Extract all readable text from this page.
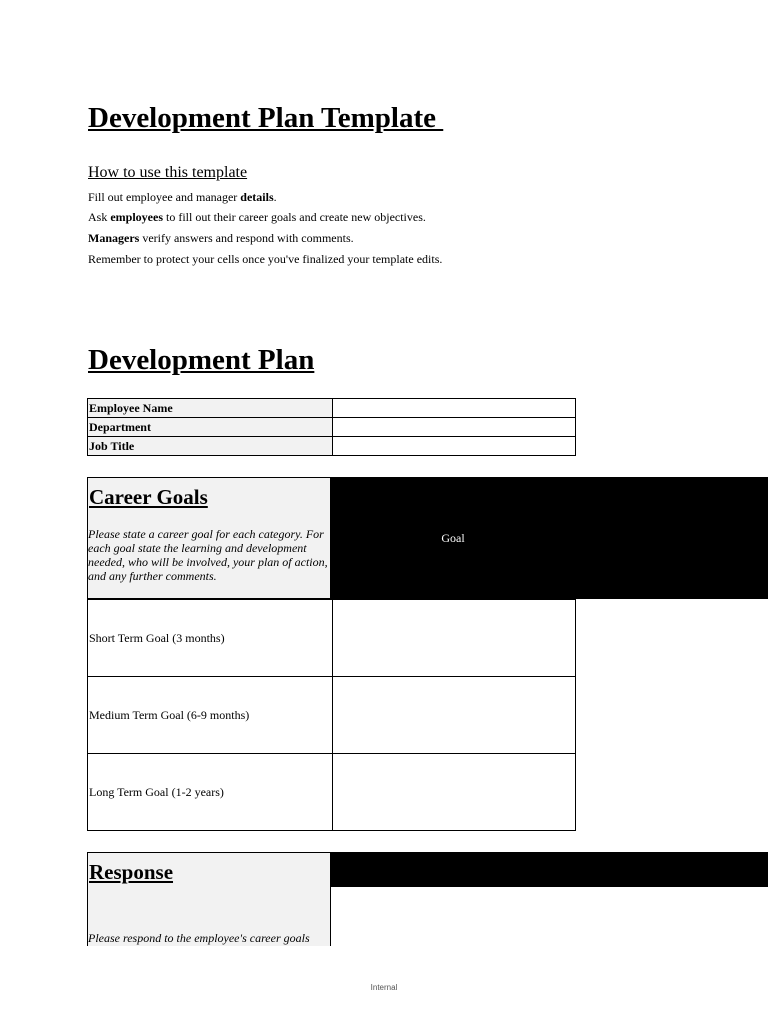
Development Plan Template
How to use this template
Fill out employee and manager details.
Ask employees to fill out their career goals and create new objectives.
Managers verify answers and respond with comments.
Remember to protect your cells once you've finalized your template edits.
Development Plan
Employee Name	
Department	
Job Title	
Career Goals
Please state a career goal for each category. For each goal state the learning and development needed, who will be involved, your plan of action, and any further comments.
Goal
Short Term Goal (3 months)	
Medium Term Goal (6-9 months)	
Long Term Goal (1-2 years)	
Response
Please respond to the employee's career goals
Internal
